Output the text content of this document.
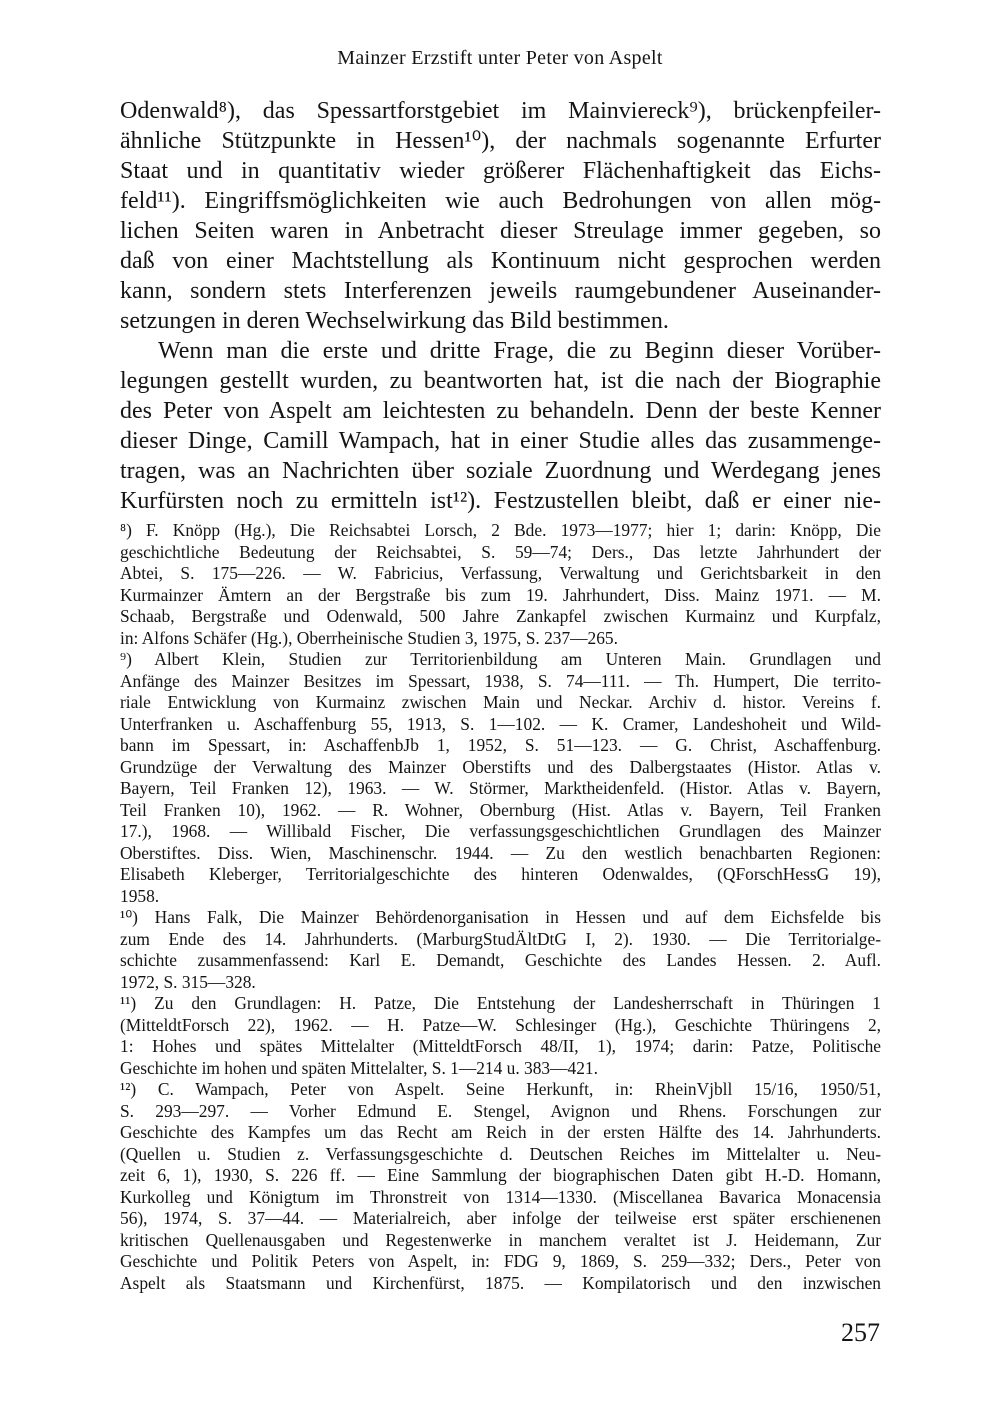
Mainzer Erzstift unter Peter von Aspelt
Odenwald⁸), das Spessartforstgebiet im Mainviereck⁹), brückenpfeiler-
ähnliche Stützpunkte in Hessen¹⁰), der nachmals sogenannte Erfurter
Staat und in quantitativ wieder größerer Flächenhaftigkeit das Eichs-
feld¹¹). Eingriffsmöglichkeiten wie auch Bedrohungen von allen mög-
lichen Seiten waren in Anbetracht dieser Streulage immer gegeben, so
daß von einer Machtstellung als Kontinuum nicht gesprochen werden
kann, sondern stets Interferenzen jeweils raumgebundener Auseinander-
setzungen in deren Wechselwirkung das Bild bestimmen.
Wenn man die erste und dritte Frage, die zu Beginn dieser Vorüber-
legungen gestellt wurden, zu beantworten hat, ist die nach der Biographie
des Peter von Aspelt am leichtesten zu behandeln. Denn der beste Kenner
dieser Dinge, Camill Wampach, hat in einer Studie alles das zusammenge-
tragen, was an Nachrichten über soziale Zuordnung und Werdegang jenes
Kurfürsten noch zu ermitteln ist¹²). Festzustellen bleibt, daß er einer nie-
⁸) F. Knöpp (Hg.), Die Reichsabtei Lorsch, 2 Bde. 1973—1977; hier 1; darin: Knöpp, Die
geschichtliche Bedeutung der Reichsabtei, S. 59—74; Ders., Das letzte Jahrhundert der
Abtei, S. 175—226. — W. Fabricius, Verfassung, Verwaltung und Gerichtsbarkeit in den
Kurmainzer Ämtern an der Bergstraße bis zum 19. Jahrhundert, Diss. Mainz 1971. — M.
Schaab, Bergstraße und Odenwald, 500 Jahre Zankapfel zwischen Kurmainz und Kurpfalz,
in: Alfons Schäfer (Hg.), Oberrheinische Studien 3, 1975, S. 237—265.
⁹) Albert Klein, Studien zur Territorienbildung am Unteren Main. Grundlagen und
Anfänge des Mainzer Besitzes im Spessart, 1938, S. 74—111. — Th. Humpert, Die territo-
riale Entwicklung von Kurmainz zwischen Main und Neckar. Archiv d. histor. Vereins f.
Unterfranken u. Aschaffenburg 55, 1913, S. 1—102. — K. Cramer, Landeshoheit und Wild-
bann im Spessart, in: AschaffenbJb 1, 1952, S. 51—123. — G. Christ, Aschaffenburg.
Grundzüge der Verwaltung des Mainzer Oberstifts und des Dalbergstaates (Histor. Atlas v.
Bayern, Teil Franken 12), 1963. — W. Störmer, Marktheidenfeld. (Histor. Atlas v. Bayern,
Teil Franken 10), 1962. — R. Wohner, Obernburg (Hist. Atlas v. Bayern, Teil Franken
17.), 1968. — Willibald Fischer, Die verfassungsgeschichtlichen Grundlagen des Mainzer
Oberstiftes. Diss. Wien, Maschinenschr. 1944. — Zu den westlich benachbarten Regionen:
Elisabeth Kleberger, Territorialgeschichte des hinteren Odenwaldes, (QForschHessG 19),
1958.
¹⁰) Hans Falk, Die Mainzer Behördenorganisation in Hessen und auf dem Eichsfelde bis
zum Ende des 14. Jahrhunderts. (MarburgStudÄltDtG I, 2). 1930. — Die Territorialge-
schichte zusammenfassend: Karl E. Demandt, Geschichte des Landes Hessen. 2. Aufl.
1972, S. 315—328.
¹¹) Zu den Grundlagen: H. Patze, Die Entstehung der Landesherrschaft in Thüringen 1
(MitteldtForsch 22), 1962. — H. Patze—W. Schlesinger (Hg.), Geschichte Thüringens 2,
1: Hohes und spätes Mittelalter (MitteldtForsch 48/II, 1), 1974; darin: Patze, Politische
Geschichte im hohen und späten Mittelalter, S. 1—214 u. 383—421.
¹²) C. Wampach, Peter von Aspelt. Seine Herkunft, in: RheinVjbll 15/16, 1950/51,
S. 293—297. — Vorher Edmund E. Stengel, Avignon und Rhens. Forschungen zur
Geschichte des Kampfes um das Recht am Reich in der ersten Hälfte des 14. Jahrhunderts.
(Quellen u. Studien z. Verfassungsgeschichte d. Deutschen Reiches im Mittelalter u. Neu-
zeit 6, 1), 1930, S. 226 ff. — Eine Sammlung der biographischen Daten gibt H.-D. Homann,
Kurkolleg und Königtum im Thronstreit von 1314—1330. (Miscellanea Bavarica Monacensia
56), 1974, S. 37—44. — Materialreich, aber infolge der teilweise erst später erschienenen
kritischen Quellenausgaben und Regestenwerke in manchem veraltet ist J. Heidemann, Zur
Geschichte und Politik Peters von Aspelt, in: FDG 9, 1869, S. 259—332; Ders., Peter von
Aspelt als Staatsmann und Kirchenfürst, 1875. — Kompilatorisch und den inzwischen
257
